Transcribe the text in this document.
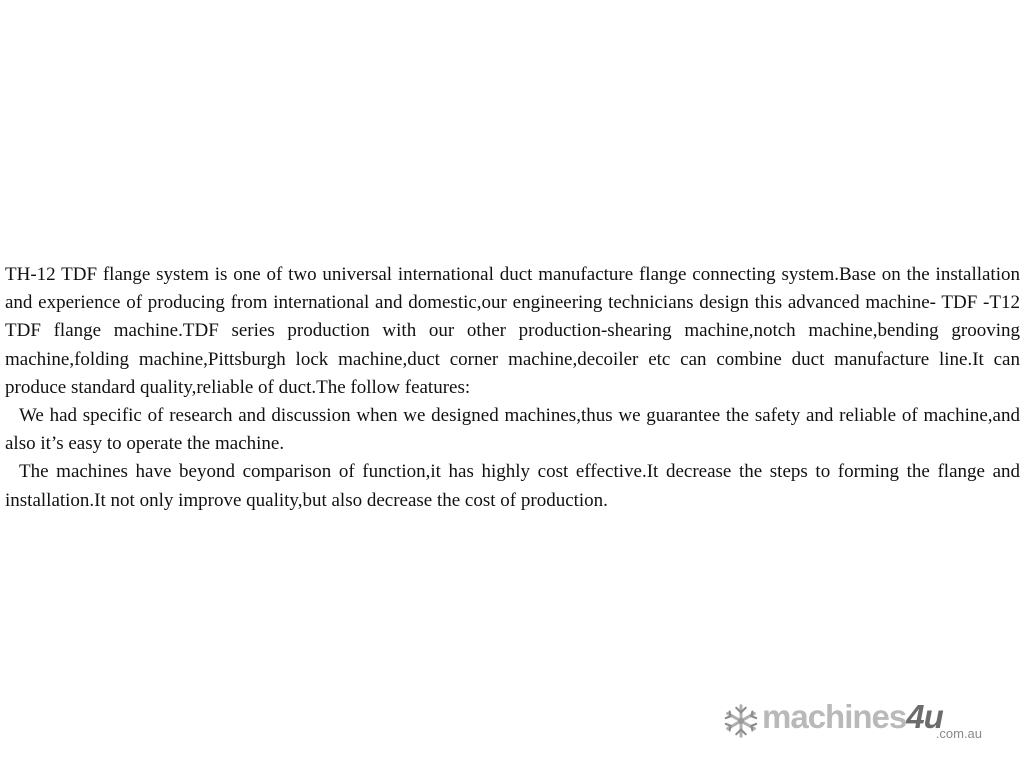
TH-12 TDF flange system is one of two universal international duct manufacture flange connecting system.Base on the installation and experience of producing from international and domestic,our engineering technicians design this advanced machine- TDF -T12 TDF flange machine.TDF series production with our other production-shearing machine,notch machine,bending grooving machine,folding machine,Pittsburgh lock machine,duct corner machine,decoiler etc can combine duct manufacture line.It can produce standard quality,reliable of duct.The follow features:

We had specific of research and discussion when we designed machines,thus we guarantee the safety and reliable of machine,and also it’s easy to operate the machine.

The machines have beyond comparison of function,it has highly cost effective.It decrease the steps to forming the flange and installation.It not only improve quality,but also decrease the cost of production.

machines4u
.com.au
